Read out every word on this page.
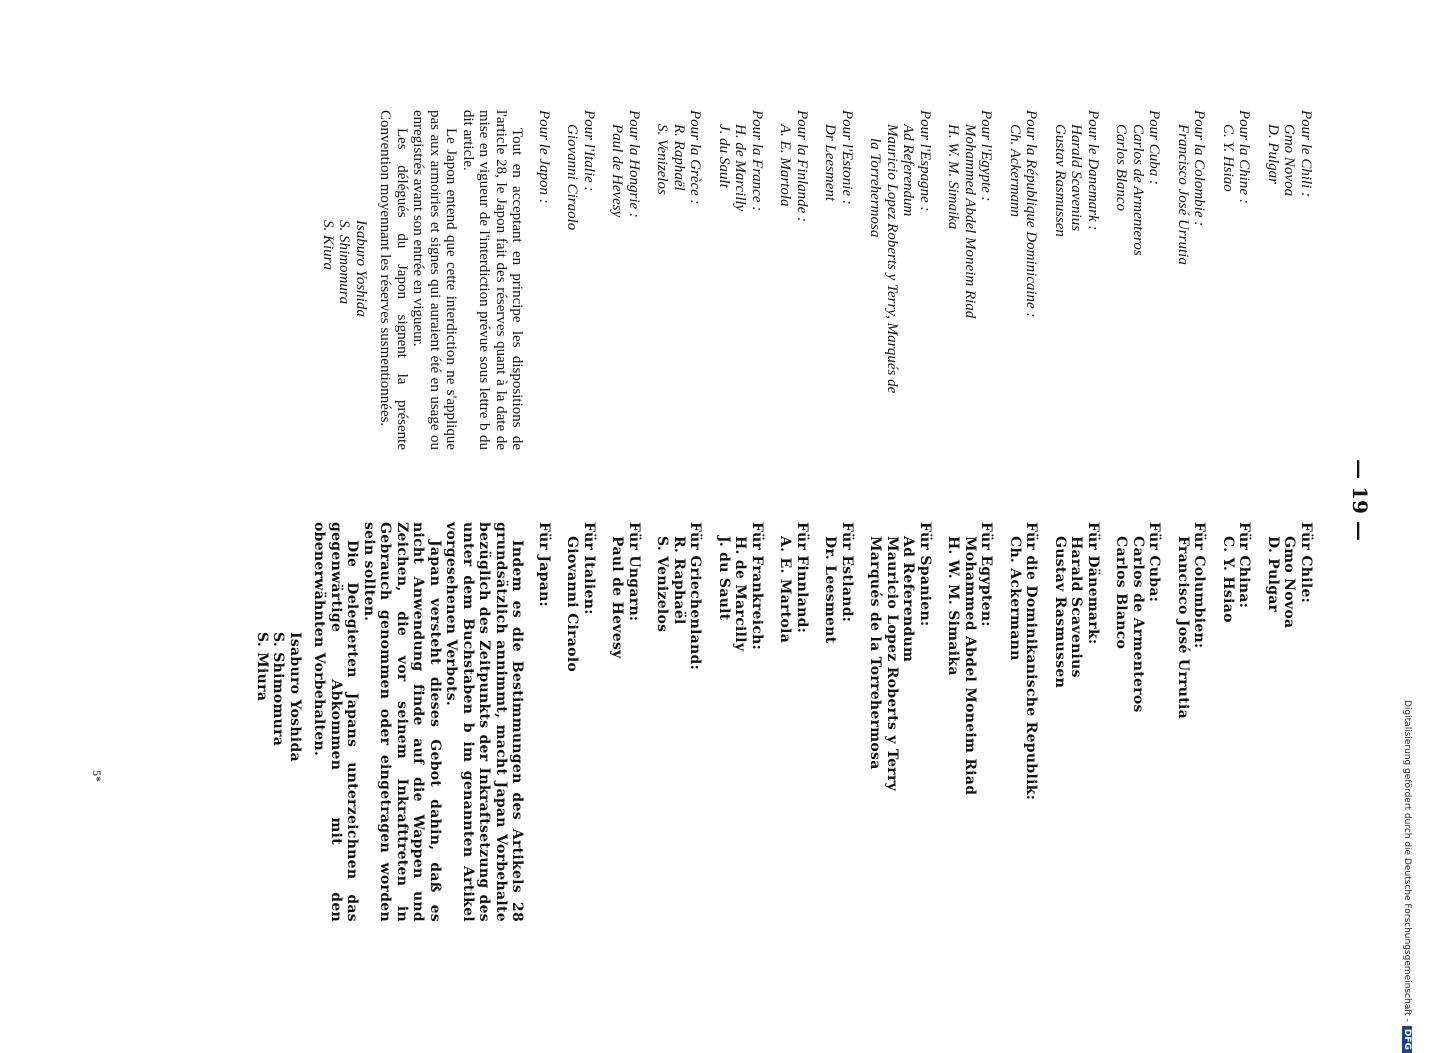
— 19 —
Pour le Chili :
Gmo Novoa
D. Pulgar
Pour la Chine :
C. Y. Hsiao
Pour la Colombie :
Francisco José Urrutia
Pour Cuba :
Carlos de Armenteros
Carlos Blanco
Pour le Danemark :
Harald Scavenius
Gustav Rasmussen
Pour la République Dominicaine :
Ch. Ackermann
Pour l'Egypte :
Mohammed Abdel Moneim Riad
H. W. M. Simaika
Pour l'Espagne :
Ad Referendum
Mauricio Lopez Roberts y Terry, Marqués de
la Torrehermosa
Pour l'Estonie :
Dr Leesment
Pour la Finlande :
A. E. Martola
Pour la France :
H. de Marcilly
J. du Sault
Pour la Grèce :
R. Raphaël
S. Venizelos
Pour la Hongrie :
Paul de Hevesy
Pour l'Italie :
Giovanni Ciraolo
Pour le Japon :

Tout en acceptant en principe les dispositions de l'article 28, le Japon fait des réserves quant à la date de mise en vigueur de l'interdiction prévue sous lettre b du dit article.

Le Japon entend que cette interdiction ne s'applique pas aux armoiries et signes qui auraient été en usage ou enregistrés avant son entrée en vigueur.

Les délégués du Japon signent la présente Convention moyennant les réserves susmentionnées.

Isaburo Yoshida
S. Shimomura
S. Kiura
Für Chile:
Gmo Novoa
D. Pulgar
Für China:
C. Y. Hsiao
Für Columbien:
Francisco José Urrutia
Für Cuba:
Carlos de Armenteros
Carlos Blanco
Für Dänemark:
Harald Scavenius
Gustav Rasmussen
Für die Dominikanische Republik:
Ch. Ackermann
Für Egypten:
Mohammed Abdel Moneim Riad
H. W. M. Simaika
Für Spanien:
Ad Referendum
Mauricio Lopez Roberts y Terry
Marqués de la Torrehermosa
Für Estland:
Dr. Leesment
Für Finnland:
A. E. Martola
Für Frankreich:
H. de Marcilly
J. du Sault
Für Griechenland:
R. Raphaël
S. Venizelos
Für Ungarn:
Paul de Hevesy
Für Italien:
Giovanni Ciraolo
Für Japan:

Indem es die Bestimmungen des Artikels 28 grundsätzlich annimmt, macht Japan Vorbehalte bezüglich des Zeitpunkts der Inkraftsetzung des unter dem Buchstaben b im genannten Artikel vorgesehenen Verbots.

Japan versteht dieses Gebot dahin, daß es nicht Anwendung finde auf die Wappen und Zeichen, die vor seinem Inkrafttreten in Gebrauch genommen oder eingetragen worden sein sollten.

Die Delegierten Japans unterzeichnen das gegenwärtige Abkommen mit den obenerwähnten Vorbehalten.

Isaburo Yoshida
S. Shimomura
S. Miura
5*	Digitalisierung gefördert durch die Deutsche Forschungsgemeinschaft -DFG
